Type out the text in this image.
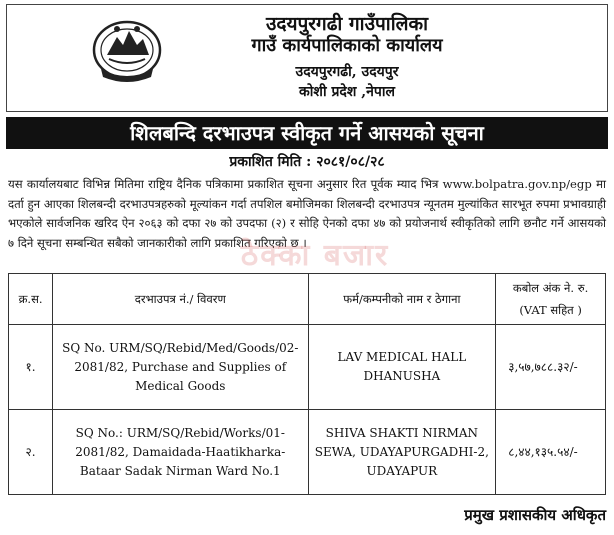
उदयपुरगढी गाउँपालिका
गाउँ कार्यपालिकाको कार्यालय
उदयपुरगढी, उदयपुर
कोशी प्रदेश ,नेपाल
शिलबन्दि दरभाउपत्र स्वीकृत गर्ने आसयको सूचना
प्रकाशित मिति : २०८१/०८/२८
यस कार्यालयबाट विभिन्न मितिमा राष्ट्रिय दैनिक पत्रिकामा प्रकाशित सूचना अनुसार रित पूर्वक म्याद भित्र www.bolpatra.gov.np/egp मा दर्ता हुन आएका शिलबन्दी दरभाउपत्रहरुको मूल्यांकन गर्दा तपशिल बमोजिमका शिलबन्दी दरभाउपत्र न्यूनतम मुल्यांकित सारभूत रुपमा प्रभावग्राही भएकोले सार्वजनिक खरिद ऐन २०६३ को दफा २७ को उपदफा (२) र सोहि ऐनको दफा ४७ को प्रयोजनार्थ स्वीकृतिको लागि छनौट गर्ने आसयको ७ दिने सूचना सम्बन्धित सबैको जानकारीको लागि प्रकाशित गरिएको छ ।
ठेक्का बजार
क्र.स.	दरभाउपत्र नं./ विवरण	फर्म/कम्पनीको नाम र ठेगाना	कबोल अंक ने. रु.
(VAT सहित )

१.	SQ No. URM/SQ/Rebid/Med/Goods/02-2081/82, Purchase and Supplies of Medical Goods	LAV MEDICAL HALL DHANUSHA	३,५७,७८८.३२/-
२.	SQ No.: URM/SQ/Rebid/Works/01-2081/82, Damaidada-Haatikharka-Bataar Sadak Nirman Ward No.1	SHIVA SHAKTI NIRMAN SEWA, UDAYAPURGADHI-2, UDAYAPUR	८,४४,१३५.५४/-
प्रमुख प्रशासकीय अधिकृत
